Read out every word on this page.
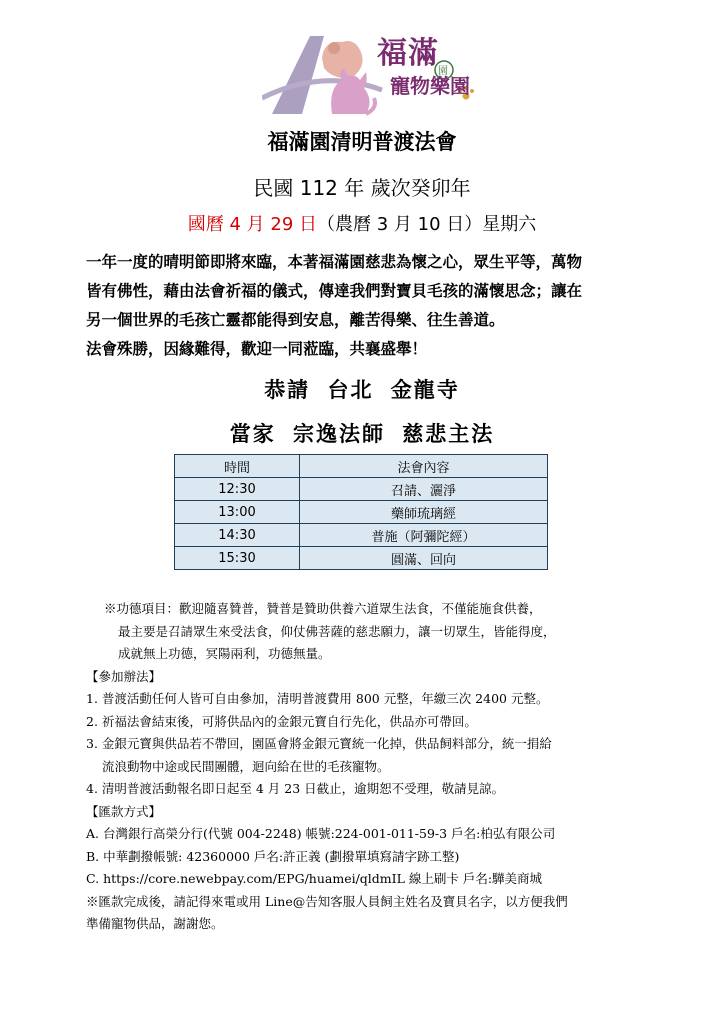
福滿
園
寵物樂園
福滿園清明普渡法會
民國 112 年 歲次癸卯年
國曆 4 月 29 日（農曆 3 月 10 日）星期六

一年一度的晴明節即將來臨，本著福滿園慈悲為懷之心，眾生平等，萬物

皆有佛性，藉由法會祈福的儀式，傳達我們對寶貝毛孩的滿懷思念；讓在

另一個世界的毛孩亡靈都能得到安息，離苦得樂、往生善道。

法會殊勝，因緣難得，歡迎一同蒞臨，共襄盛舉！

恭請 台北 金龍寺
當家 宗逸法師 慈悲主法
時間	法會內容
12:30	召請、灑淨
13:00	藥師琉璃經
14:30	普施（阿彌陀經）
15:30	圓滿、回向
※功德項目：歡迎隨喜贊普，贊普是贊助供養六道眾生法食，不僅能施食供養，
最主要是召請眾生來受法食，仰仗佛菩薩的慈悲願力，讓一切眾生，皆能得度，
成就無上功德，冥陽兩利，功德無量。
【參加辦法】
1. 普渡活動任何人皆可自由參加，清明普渡費用 800 元整，年繳三次 2400 元整。
2. 祈福法會結束後，可將供品內的金銀元寶自行先化，供品亦可帶回。
3. 金銀元寶與供品若不帶回，園區會將金銀元寶統一化掉，供品飼料部分，統一捐給
流浪動物中途或民間團體，迴向給在世的毛孩寵物。
4. 清明普渡活動報名即日起至 4 月 23 日截止，逾期恕不受理，敬請見諒。
【匯款方式】
A. 台灣銀行高榮分行(代號 004-2248) 帳號:224-001-011-59-3 戶名:柏弘有限公司
B. 中華劃撥帳號: 42360000 戶名:許正義 (劃撥單填寫請字跡工整)
C. https://core.newebpay.com/EPG/huamei/qldmIL 線上刷卡 戶名:驊美商城
※匯款完成後，請記得來電或用 Line@告知客服人員飼主姓名及寶貝名字，以方便我們
準備寵物供品，謝謝您。
